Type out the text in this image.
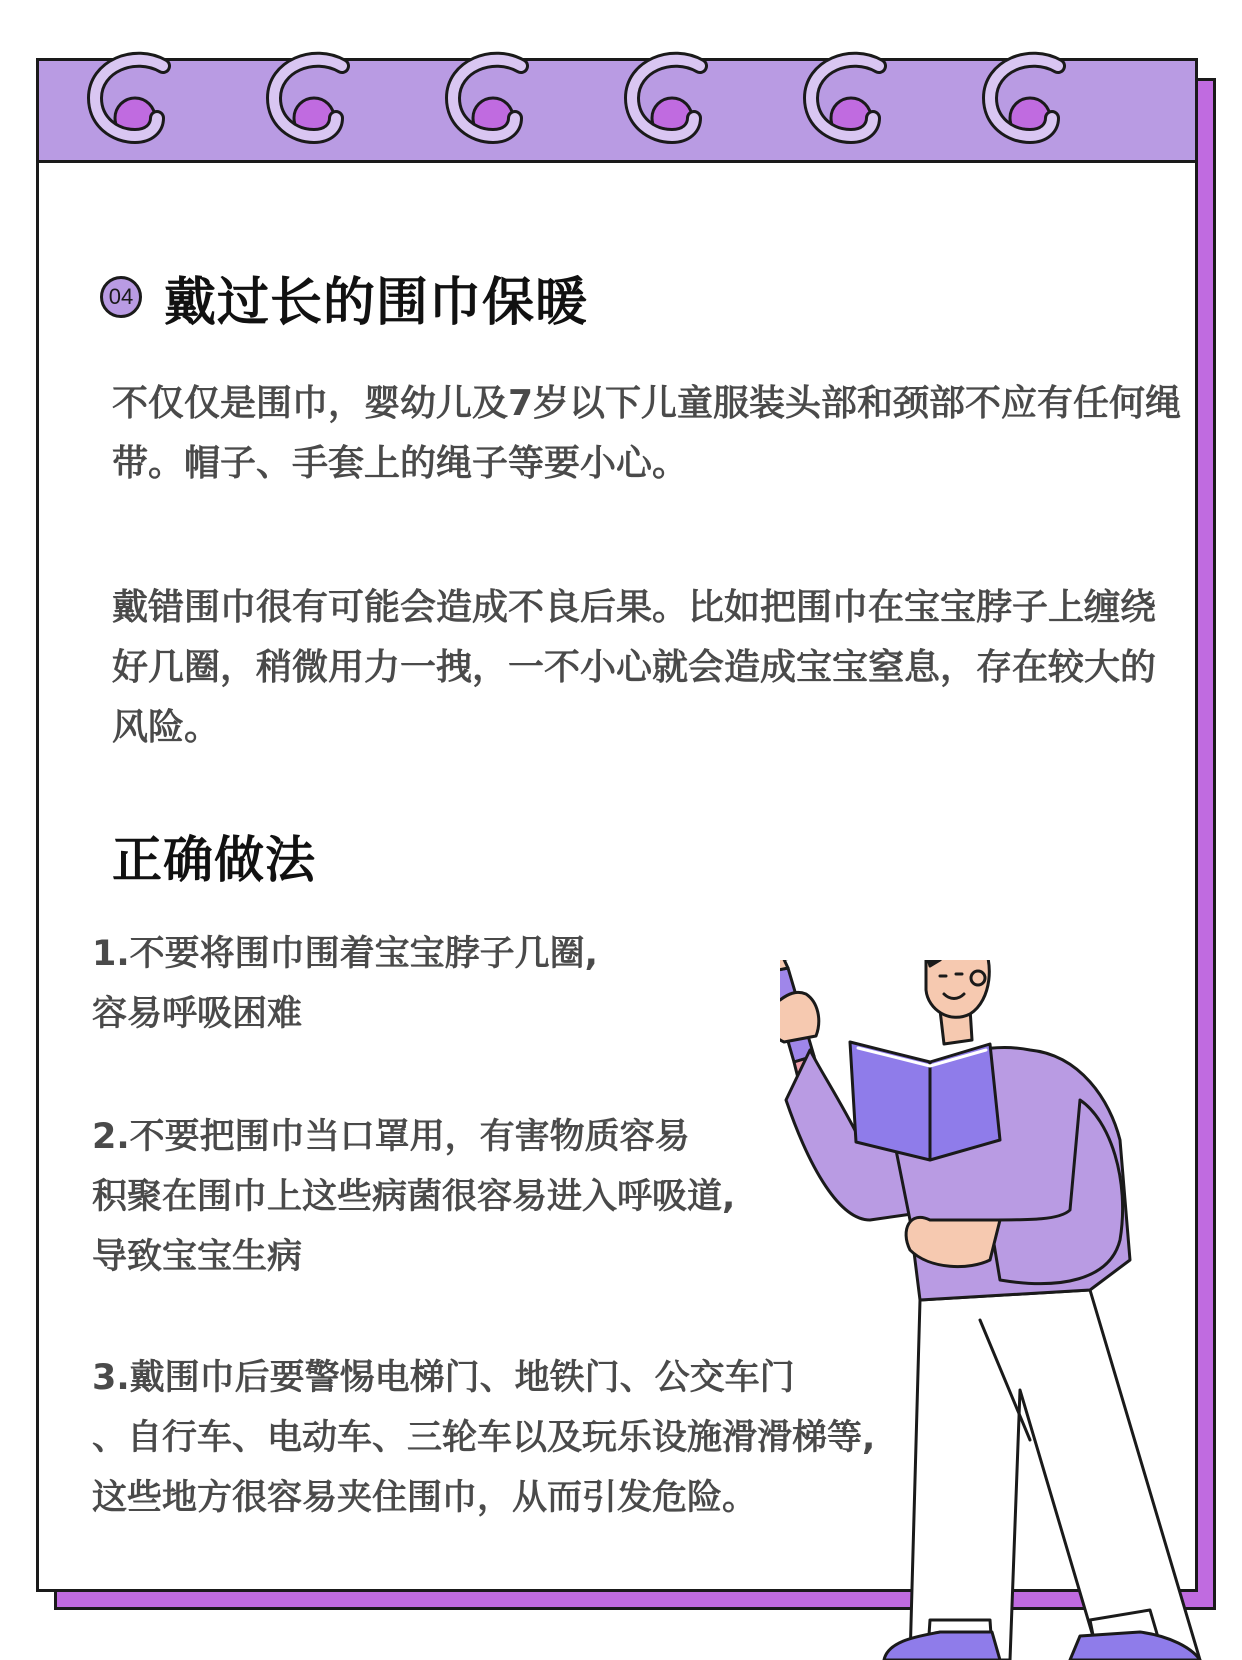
04 戴过长的围巾保暖

不仅仅是围巾，婴幼儿及7岁以下儿童服装头部和颈部不应有任何绳带。帽子、手套上的绳子等要小心。

戴错围巾很有可能会造成不良后果。比如把围巾在宝宝脖子上缠绕好几圈，稍微用力一拽，一不小心就会造成宝宝窒息，存在较大的风险。

正确做法
1.不要将围巾围着宝宝脖子几圈,
容易呼吸困难
2.不要把围巾当口罩用，有害物质容易
积聚在围巾上这些病菌很容易进入呼吸道,
导致宝宝生病
3.戴围巾后要警惕电梯门、地铁门、公交车门
、自行车、电动车、三轮车以及玩乐设施滑滑梯等,
这些地方很容易夹住围巾，从而引发危险。
